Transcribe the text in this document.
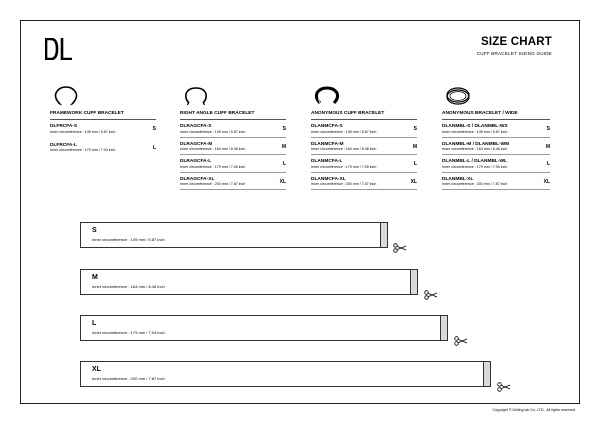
SIZE CHART
CUFF BRACELET SIZING GUIDE
FRAMEWORK CUFF BRACELET
DLFRCFA-S
Inner circumference : 149 mm / 5.87 inch	S
DLFRCFA-L
Inner circumference : 179 mm / 7.04 inch	L
RIGHT ANGLE CUFF BRACELET
DLRAGCFA-S
Inner circumference : 149 mm / 5.87 inch	S
DLRAGCFA-M
Inner circumference : 164 mm / 6.46 inch	M
DLRAGCFA-L
Inner circumference : 179 mm / 7.05 inch	L
DLRAGCFA-XL
Inner circumference : 200 mm / 7.87 inch	XL
ANONYMOUS CUFF BRACELET
DLANMCFA-S
Inner circumference : 149 mm / 5.87 inch	S
DLANMCFA-M
Inner circumference : 164 mm / 6.46 inch	M
DLANMCFA-L
Inner circumference : 179 mm / 7.05 inch	L
DLANMCFA-XL
Inner circumference : 200 mm / 7.87 inch	XL
ANONYMOUS BRACELET / WIDE
DLANMBL-S / DLANMBL-WS
Inner circumference : 149 mm / 5.87 inch	S
DLANMBL-M / DLANMBL-WM
Inner circumference : 164 mm / 6.46 inch	M
DLANMBL-L / DLANMBL-WL
Inner circumference : 179 mm / 7.05 inch	L
DLANMBL-XL
Inner circumference : 200 mm / 7.87 inch	XL
S
Inner circumference : 149 mm / 5.87 inch
M
Inner circumference : 164 mm / 6.46 inch
L
Inner circumference : 179 mm / 7.04 inch
XL
Inner circumference : 200 mm / 7.87 inch
Copyright © Drilling lab Co. LTD., All rights reserved.
